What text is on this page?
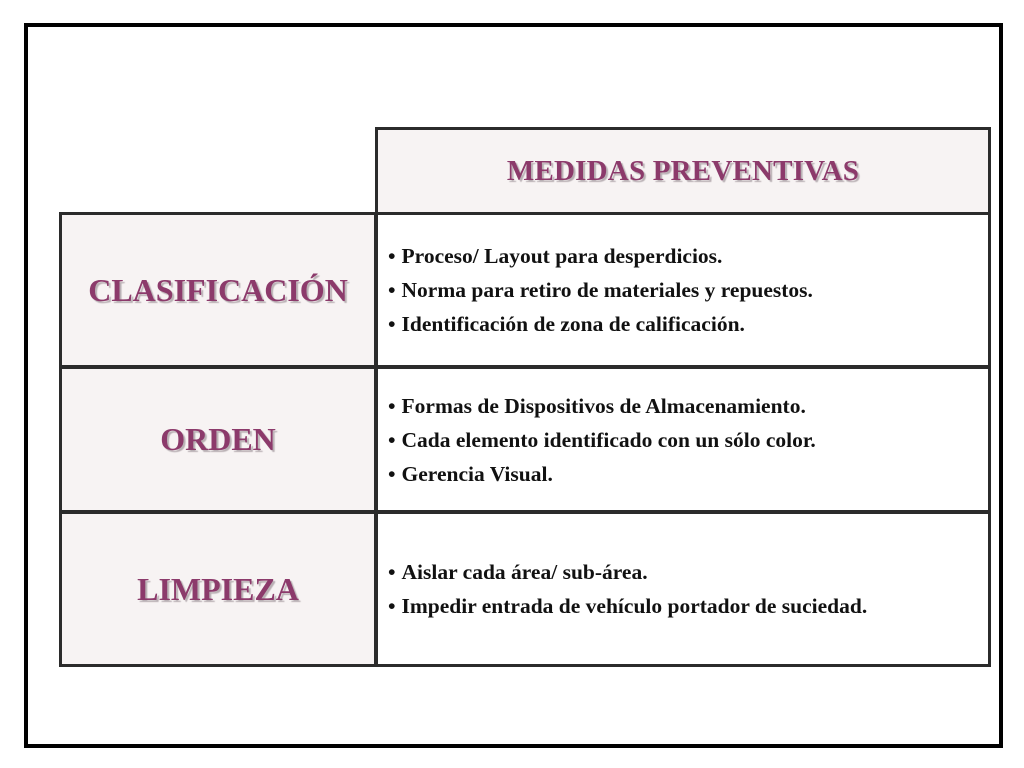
MEDIDAS PREVENTIVAS
CLASIFICACIÓN
• Proceso/ Layout para desperdicios.
• Norma para retiro de materiales y repuestos.
• Identificación de zona de calificación.
ORDEN
• Formas de Dispositivos de Almacenamiento.
• Cada elemento identificado con un sólo color.
• Gerencia Visual.
LIMPIEZA
•	Aislar cada área/ sub-área.
• Impedir entrada de vehículo portador de suciedad.
